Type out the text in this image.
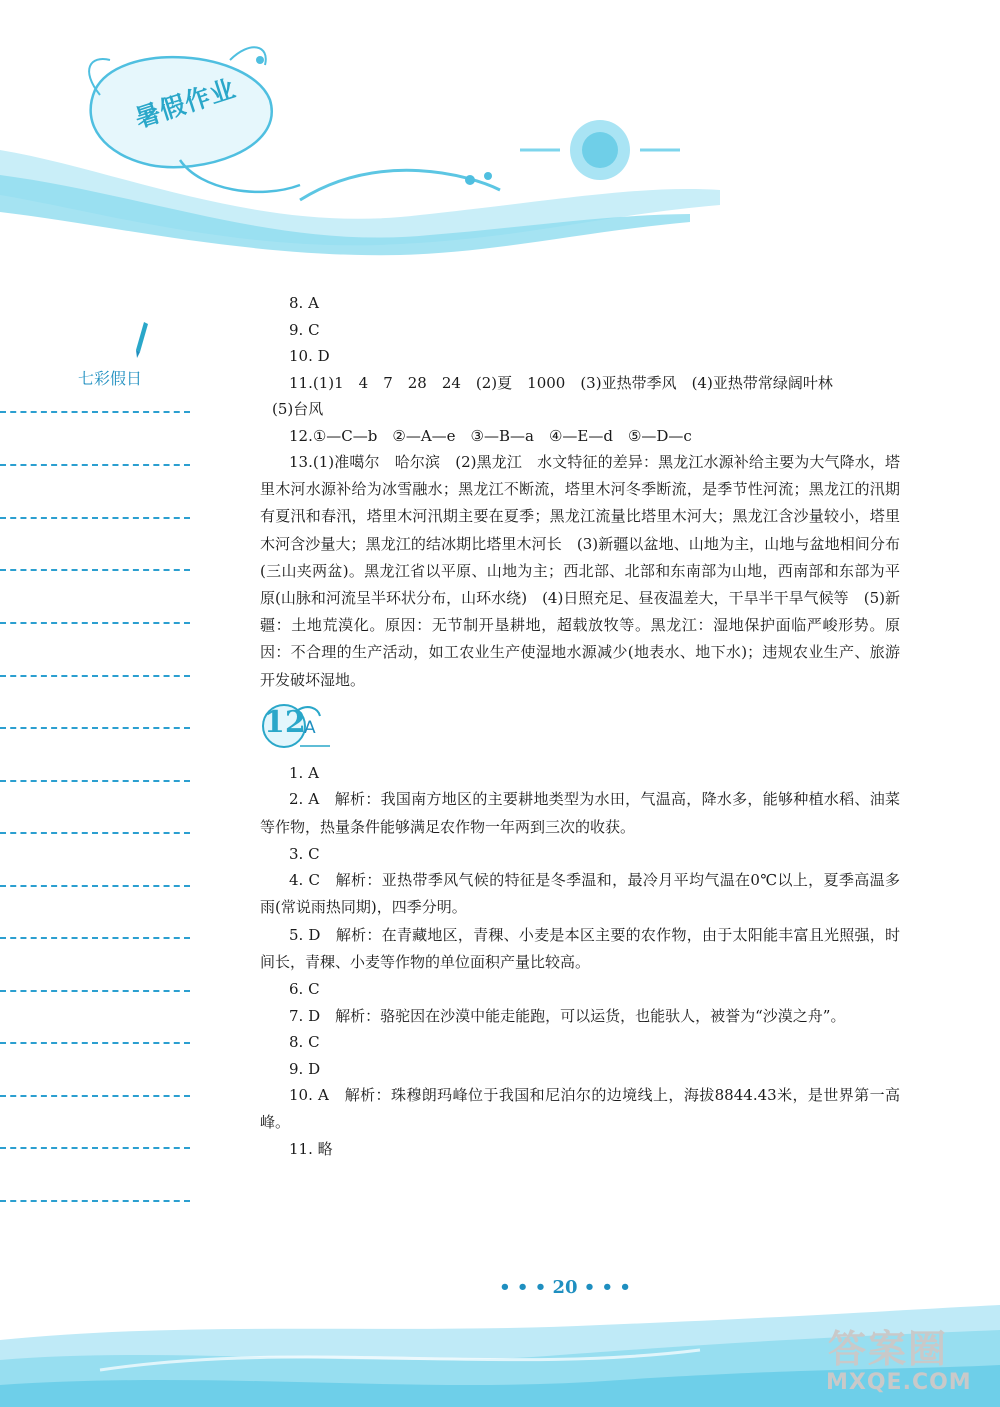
暑假作业
七彩假日
8. A
9. C
10. D
11.(1)1　4　7　28　24　(2)夏　1000　(3)亚热带季风　(4)亚热带常绿阔叶林
(5)台风
12.①—C—b　②—A—e　③—B—a　④—E—d　⑤—D—c

13.(1)准噶尔　哈尔滨　(2)黑龙江　水文特征的差异：黑龙江水源补给主要为大气降水，塔里木河水源补给为冰雪融水；黑龙江不断流，塔里木河冬季断流，是季节性河流；黑龙江的汛期有夏汛和春汛，塔里木河汛期主要在夏季；黑龙江流量比塔里木河大；黑龙江含沙量较小，塔里木河含沙量大；黑龙江的结冰期比塔里木河长　(3)新疆以盆地、山地为主，山地与盆地相间分布(三山夹两盆)。黑龙江省以平原、山地为主；西北部、北部和东南部为山地，西南部和东部为平原(山脉和河流呈半环状分布，山环水绕)　(4)日照充足、昼夜温差大，干旱半干旱气候等　(5)新疆：土地荒漠化。原因：无节制开垦耕地，超载放牧等。黑龙江：湿地保护面临严峻形势。原因：不合理的生产活动，如工农业生产使湿地水源减少(地表水、地下水)；违规农业生产、旅游开发破坏湿地。

12
A
1. A

2. A　解析：我国南方地区的主要耕地类型为水田，气温高，降水多，能够种植水稻、油菜等作物，热量条件能够满足农作物一年两到三次的收获。

3. C

4. C　解析：亚热带季风气候的特征是冬季温和，最冷月平均气温在0℃以上，夏季高温多雨(常说雨热同期)，四季分明。

5. D　解析：在青藏地区，青稞、小麦是本区主要的农作物，由于太阳能丰富且光照强，时间长，青稞、小麦等作物的单位面积产量比较高。

6. C
7. D　解析：骆驼因在沙漠中能走能跑，可以运货，也能驮人，被誉为“沙漠之舟”。
8. C
9. D

10. A　解析：珠穆朗玛峰位于我国和尼泊尔的边境线上，海拔8844.43米，是世界第一高峰。

11. 略
• • • 20 • • •
答案圈
MXQE.COM
